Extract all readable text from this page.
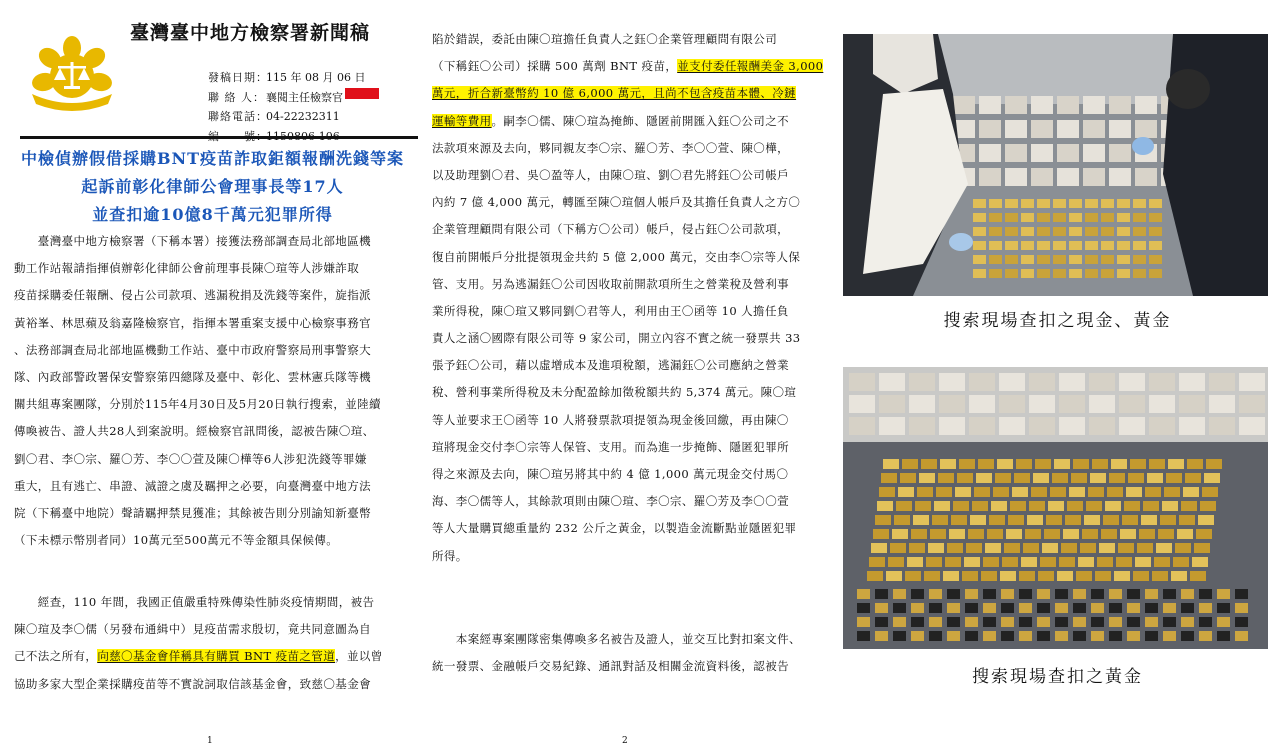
臺灣臺中地方檢察署新聞稿
發稿日期：
115 年 08 月 06 日
聯 絡 人： 襄閱主任檢察官
聯絡電話：
04-22232311
編　　號：
1150806-106
中檢偵辦假借採購BNT疫苗詐取鉅額報酬洗錢等案
起訴前彰化律師公會理事長等17人
並查扣逾10億8千萬元犯罪所得
　　臺灣臺中地方檢察署（下稱本署）接獲法務部調查局北部地區機
動工作站報請指揮偵辦彰化律師公會前理事長陳〇瑄等人涉嫌詐取
疫苗採購委任報酬、侵占公司款項、逃漏稅捐及洗錢等案件，旋指派
黃裕峯、林思蘋及翁嘉隆檢察官，指揮本署重案支援中心檢察事務官
、法務部調查局北部地區機動工作站、臺中市政府警察局刑事警察大
隊、內政部警政署保安警察第四總隊及臺中、彰化、雲林憲兵隊等機
關共組專案團隊，分別於115年4月30日及5月20日執行搜索，並陸續
傳喚被告、證人共28人到案說明。經檢察官訊問後，認被告陳〇瑄、
劉〇君、李〇宗、羅〇芳、李〇〇萱及陳〇樺等6人涉犯洗錢等罪嫌
重大，且有逃亡、串證、滅證之虞及羈押之必要，向臺灣臺中地方法
院（下稱臺中地院）聲請羈押禁見獲准；其餘被告則分別諭知新臺幣
（下未標示幣別者同）10萬元至500萬元不等金額具保候傳。
　　經查，110 年間，我國正值嚴重特殊傳染性肺炎疫情期間，被告
陳〇瑄及李〇儒（另發布通緝中）見疫苗需求殷切，竟共同意圖為自
己不法之所有，向慈〇基金會佯稱具有購買 BNT 疫苗之管道，並以曾
協助多家大型企業採購疫苗等不實說詞取信該基金會，致慈〇基金會
1
陷於錯誤，委託由陳〇瑄擔任負責人之鈺〇企業管理顧問有限公司
（下稱鈺〇公司）採購 500 萬劑 BNT 疫苗，並支付委任報酬美金 3,000
萬元，折合新臺幣約 10 億 6,000 萬元，且尚不包含疫苗本體、冷鏈
運輸等費用。嗣李〇儒、陳〇瑄為掩飾、隱匿前開匯入鈺〇公司之不
法款項來源及去向，夥同親友李〇宗、羅〇芳、李〇〇萱、陳〇樺，
以及助理劉〇君、吳〇盈等人，由陳〇瑄、劉〇君先將鈺〇公司帳戶
內約 7 億 4,000 萬元，轉匯至陳〇瑄個人帳戶及其擔任負責人之方〇
企業管理顧問有限公司（下稱方〇公司）帳戶，侵占鈺〇公司款項，
復自前開帳戶分批提領現金共約 5 億 2,000 萬元，交由李〇宗等人保
管、支用。另為逃漏鈺〇公司因收取前開款項所生之營業稅及營利事
業所得稅，陳〇瑄又夥同劉〇君等人，利用由王〇函等 10 人擔任負
責人之涵〇國際有限公司等 9 家公司，開立內容不實之統一發票共 33
張予鈺〇公司，藉以虛增成本及進項稅額，逃漏鈺〇公司應納之營業
稅、營利事業所得稅及未分配盈餘加徵稅額共約 5,374 萬元。陳〇瑄
等人並要求王〇函等 10 人將發票款項提領為現金後回繳，再由陳〇
瑄將現金交付李〇宗等人保管、支用。而為進一步掩飾、隱匿犯罪所
得之來源及去向，陳〇瑄另將其中約 4 億 1,000 萬元現金交付馬〇
海、李〇儒等人，其餘款項則由陳〇瑄、李〇宗、羅〇芳及李〇〇萱
等人大量購買總重量約 232 公斤之黃金，以製造金流斷點並隱匿犯罪
所得。
　　本案經專案團隊密集傳喚多名被告及證人，並交互比對扣案文件、
統一發票、金融帳戶交易紀錄、通訊對話及相關金流資料後，認被告
2
搜索現場查扣之現金、黃金
搜索現場查扣之黃金
